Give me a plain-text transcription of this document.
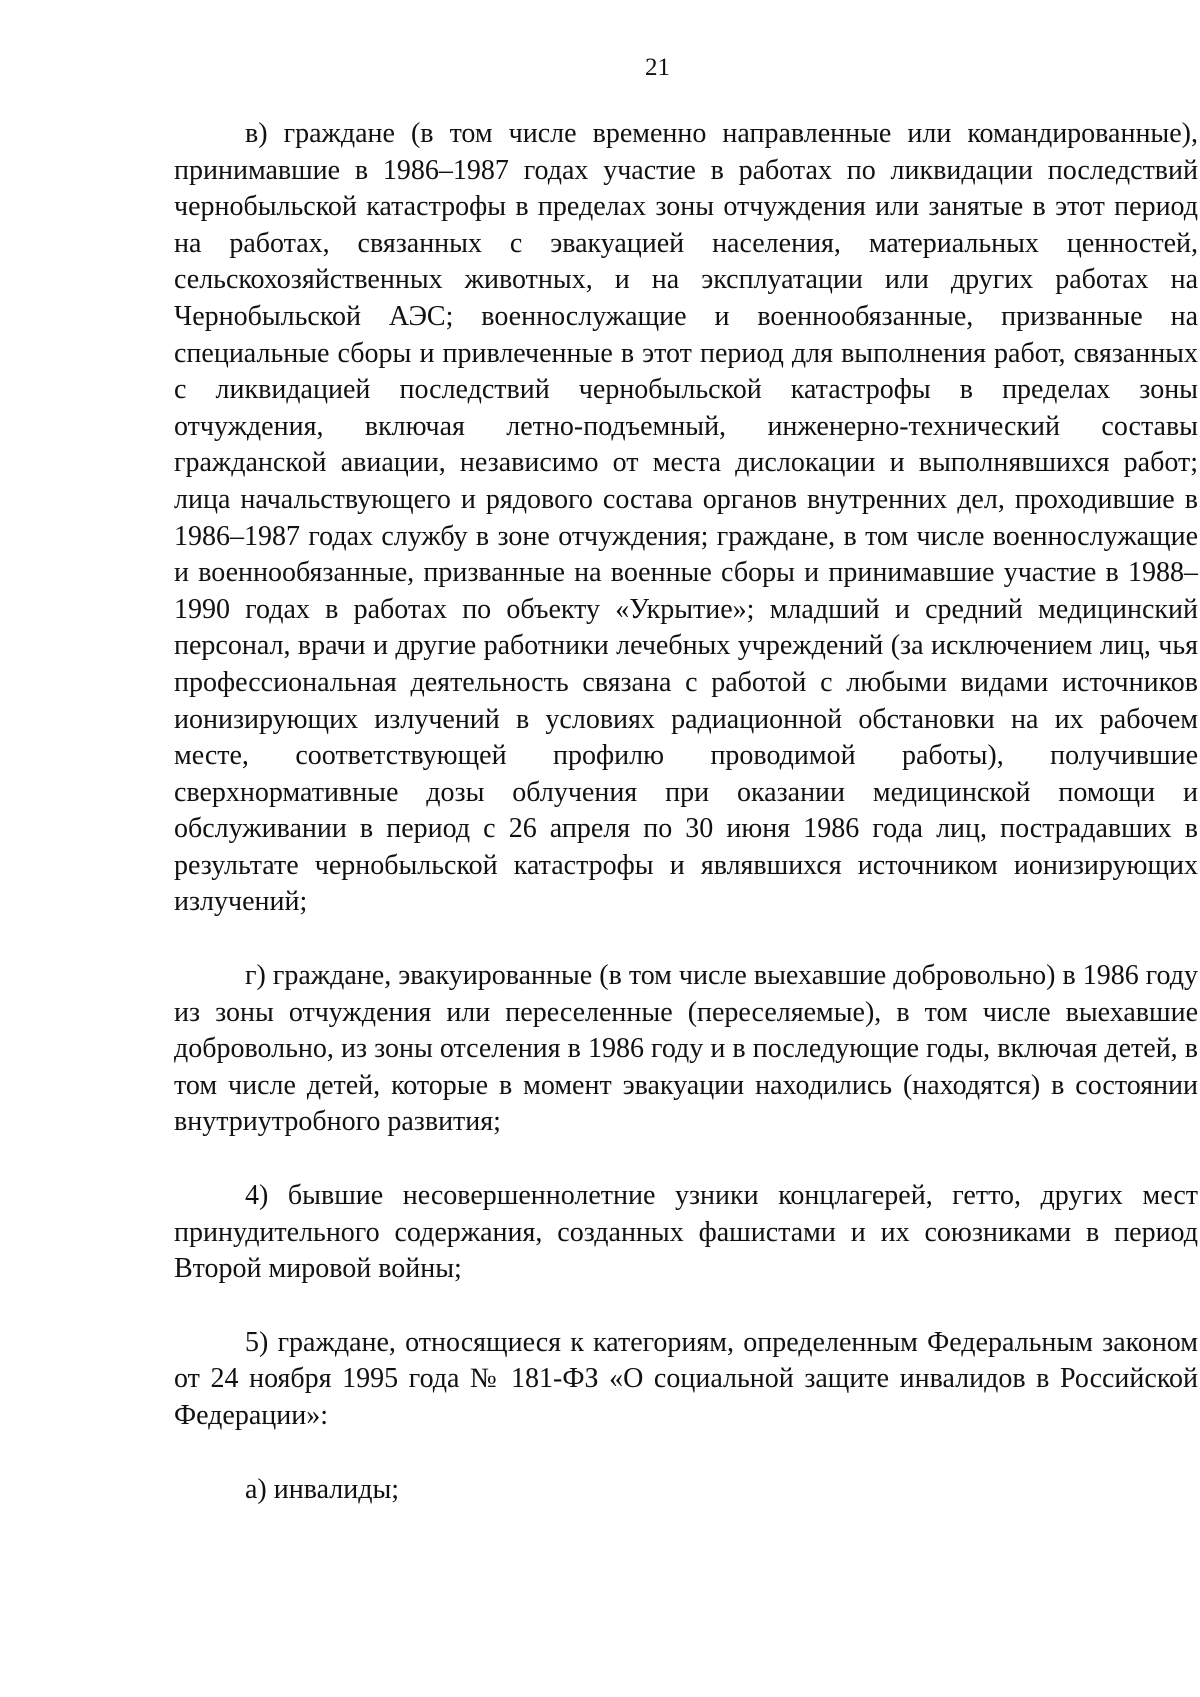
21

в) граждане (в том числе временно направленные или командированные), принимавшие в 1986–1987 годах участие в работах по ликвидации последствий чернобыльской катастрофы в пределах зоны отчуждения или занятые в этот период на работах, связанных с эвакуацией населения, материальных ценностей, сельскохозяйственных животных, и на эксплуатации или других работах на Чернобыльской АЭС; военнослужащие и военнообязанные, призванные на специальные сборы и привлеченные в этот период для выполнения работ, связанных с ликвидацией последствий чернобыльской катастрофы в пределах зоны отчуждения, включая летно-подъемный, инженерно-технический составы гражданской авиации, независимо от места дислокации и выполнявшихся работ; лица начальствующего и рядового состава органов внутренних дел, проходившие в 1986–1987 годах службу в зоне отчуждения; граждане, в том числе военнослужащие и военнообязанные, призванные на военные сборы и принимавшие участие в 1988–1990 годах в работах по объекту «Укрытие»; младший и средний медицинский персонал, врачи и другие работники лечебных учреждений (за исключением лиц, чья профессиональная деятельность связана с работой с любыми видами источников ионизирующих излучений в условиях радиационной обстановки на их рабочем месте, соответствующей профилю проводимой работы), получившие сверхнормативные дозы облучения при оказании медицинской помощи и обслуживании в период с 26 апреля по 30 июня 1986 года лиц, пострадавших в результате чернобыльской катастрофы и являвшихся источником ионизирующих излучений;

г) граждане, эвакуированные (в том числе выехавшие добровольно) в 1986 году из зоны отчуждения или переселенные (переселяемые), в том числе выехавшие добровольно, из зоны отселения в 1986 году и в последующие годы, включая детей, в том числе детей, которые в момент эвакуации находились (находятся) в состоянии внутриутробного развития;

4) бывшие несовершеннолетние узники концлагерей, гетто, других мест принудительного содержания, созданных фашистами и их союзниками в период Второй мировой войны;

5) граждане, относящиеся к категориям, определенным Федеральным законом от 24 ноября 1995 года № 181-ФЗ «О социальной защите инвалидов в Российской Федерации»:

а) инвалиды;
